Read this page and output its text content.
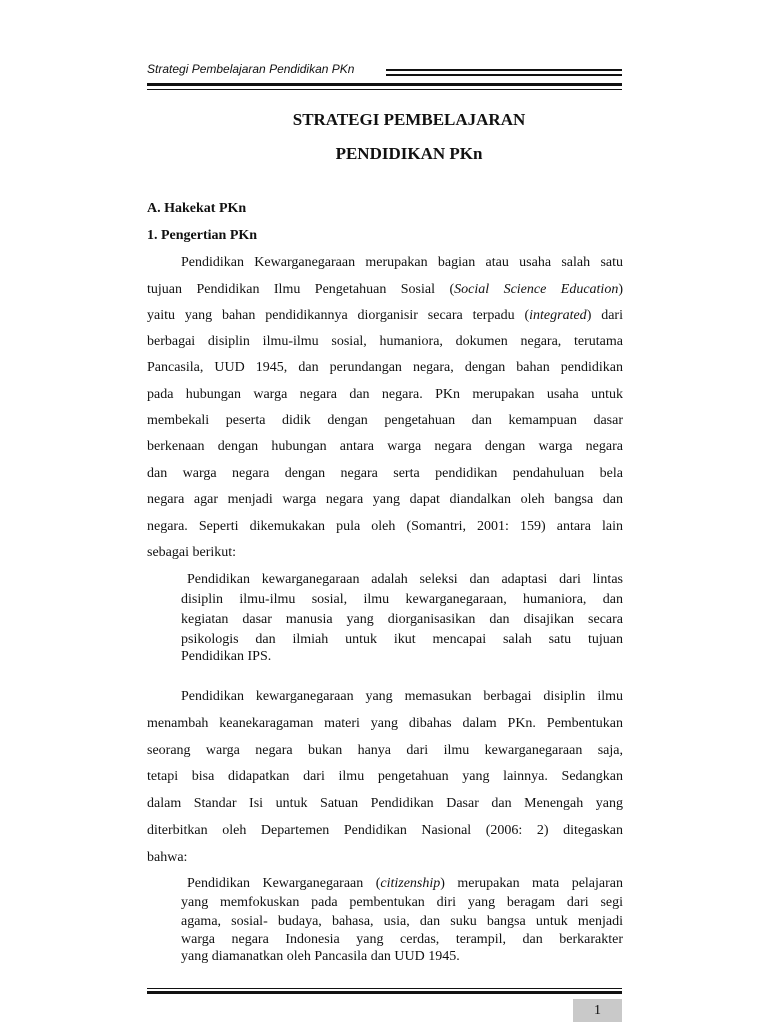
Strategi Pembelajaran Pendidikan PKn
STRATEGI PEMBELAJARAN
PENDIDIKAN PKn
A. Hakekat PKn
1. Pengertian PKn
Pendidikan Kewarganegaraan merupakan bagian atau usaha salah satu
tujuan Pendidikan Ilmu Pengetahuan Sosial (Social Science Education)
yaitu yang bahan pendidikannya diorganisir secara terpadu (integrated) dari
berbagai disiplin ilmu-ilmu sosial, humaniora, dokumen negara, terutama
Pancasila, UUD 1945, dan perundangan negara, dengan bahan pendidikan
pada hubungan warga negara dan negara. PKn merupakan usaha untuk
membekali peserta didik dengan pengetahuan dan kemampuan dasar
berkenaan dengan hubungan antara warga negara dengan warga negara
dan warga negara dengan negara serta pendidikan pendahuluan bela
negara agar menjadi warga negara yang dapat diandalkan oleh bangsa dan
negara. Seperti dikemukakan pula oleh (Somantri, 2001: 159) antara lain
sebagai berikut:
Pendidikan kewarganegaraan adalah seleksi dan adaptasi dari lintas
disiplin ilmu-ilmu sosial, ilmu kewarganegaraan, humaniora, dan
kegiatan dasar manusia yang diorganisasikan dan disajikan secara
psikologis dan ilmiah untuk ikut mencapai salah satu tujuan
Pendidikan IPS.
Pendidikan kewarganegaraan yang memasukan berbagai disiplin ilmu
menambah keanekaragaman materi yang dibahas dalam PKn. Pembentukan
seorang warga negara bukan hanya dari ilmu kewarganegaraan saja,
tetapi bisa didapatkan dari ilmu pengetahuan yang lainnya. Sedangkan
dalam Standar Isi untuk Satuan Pendidikan Dasar dan Menengah yang
diterbitkan oleh Departemen Pendidikan Nasional (2006: 2) ditegaskan
bahwa:
Pendidikan Kewarganegaraan (citizenship) merupakan mata pelajaran
yang memfokuskan pada pembentukan diri yang beragam dari segi
agama, sosial- budaya, bahasa, usia, dan suku bangsa untuk menjadi
warga negara Indonesia yang cerdas, terampil, dan berkarakter
yang diamanatkan oleh Pancasila dan UUD 1945.
1
